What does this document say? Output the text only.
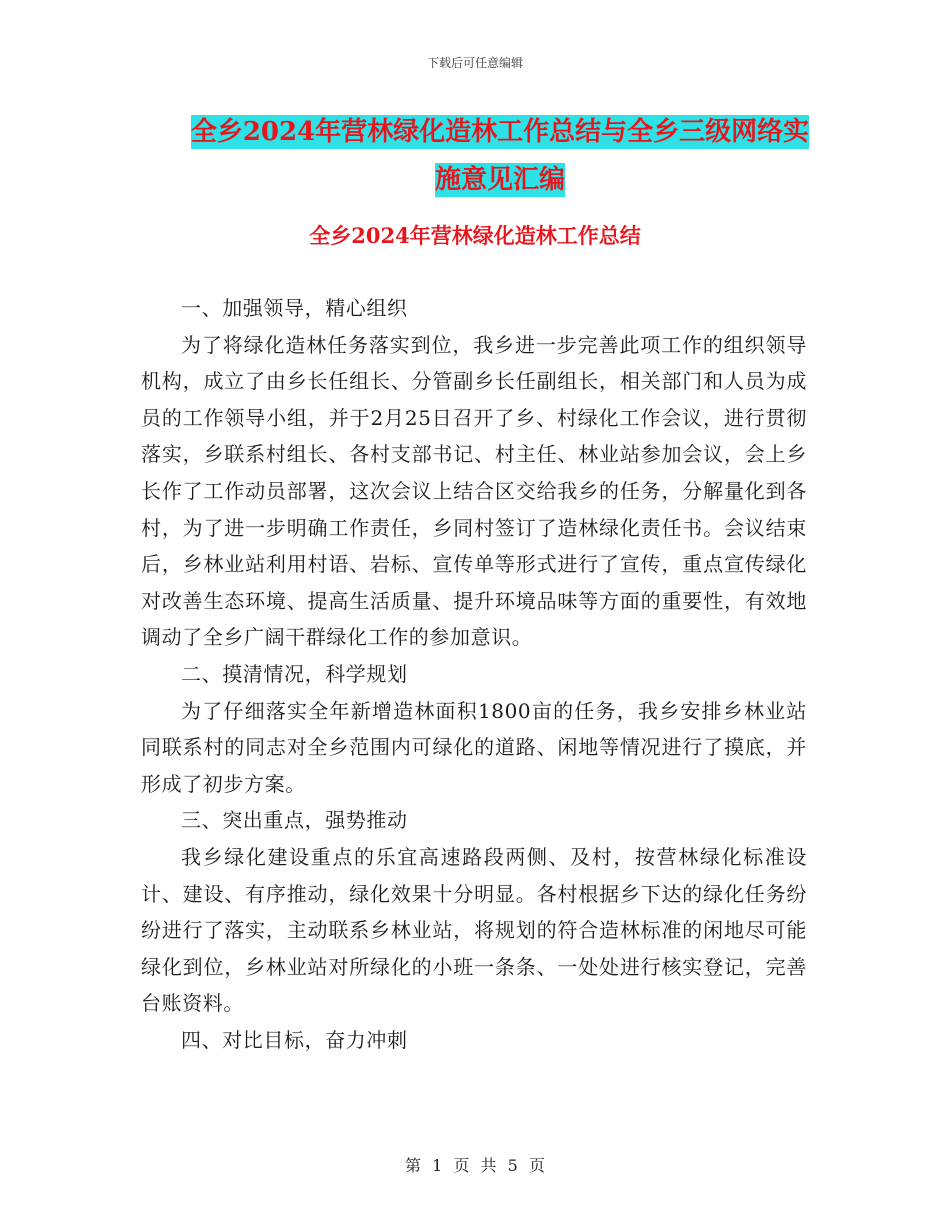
下载后可任意编辑
全乡2024年营林绿化造林工作总结与全乡三级网络实
施意见汇编
全乡2024年营林绿化造林工作总结

一、加强领导，精心组织

为了将绿化造林任务落实到位，我乡进一步完善此项工作的组织领导机构，成立了由乡长任组长、分管副乡长任副组长，相关部门和人员为成员的工作领导小组，并于2月25日召开了乡、村绿化工作会议，进行贯彻落实，乡联系村组长、各村支部书记、村主任、林业站参加会议，会上乡长作了工作动员部署，这次会议上结合区交给我乡的任务，分解量化到各村，为了进一步明确工作责任，乡同村签订了造林绿化责任书。会议结束后，乡林业站利用村语、岩标、宣传单等形式进行了宣传，重点宣传绿化对改善生态环境、提高生活质量、提升环境品味等方面的重要性，有效地调动了全乡广阔干群绿化工作的参加意识。

二、摸清情况，科学规划

为了仔细落实全年新增造林面积1800亩的任务，我乡安排乡林业站同联系村的同志对全乡范围内可绿化的道路、闲地等情况进行了摸底，并形成了初步方案。

三、突出重点，强势推动

我乡绿化建设重点的乐宜高速路段两侧、及村，按营林绿化标准设计、建设、有序推动，绿化效果十分明显。各村根据乡下达的绿化任务纷纷进行了落实，主动联系乡林业站，将规划的符合造林标准的闲地尽可能绿化到位，乡林业站对所绿化的小班一条条、一处处进行核实登记，完善台账资料。

四、对比目标，奋力冲刺

第 1 页 共 5 页
